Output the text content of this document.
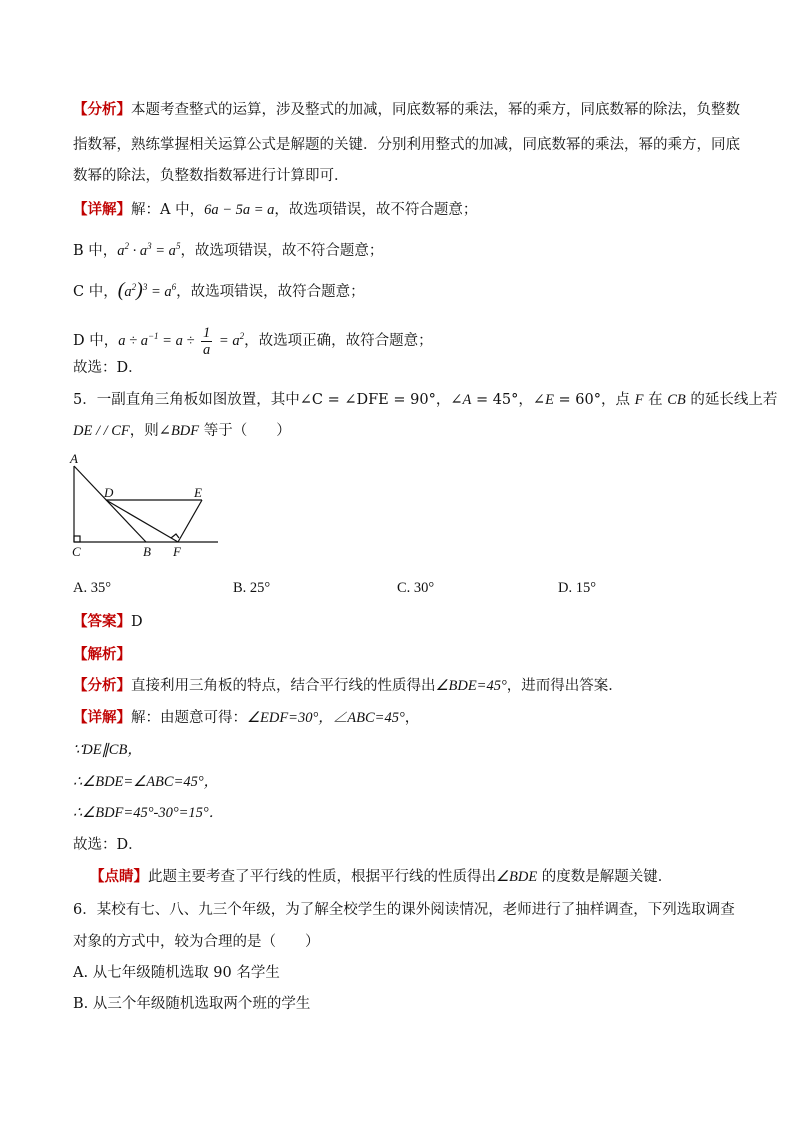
【分析】本题考查整式的运算，涉及整式的加减，同底数幂的乘法，幂的乘方，同底数幂的除法，负整数
指数幂，熟练掌握相关运算公式是解题的关键．分别利用整式的加减，同底数幂的乘法，幂的乘方，同底
数幂的除法，负整数指数幂进行计算即可．
【详解】解：A 中，6a − 5a = a，故选项错误，故不符合题意；
B 中，$a^2 \cdot a^3 = a^5$，故选项错误，故不符合题意；
C 中，$(a^2)^3 = a^6$，故选项错误，故符合题意；
D 中，$a \div a^{-1} = a \div \frac{1}{a} = a^2$，故选项正确，故符合题意；
故选：D．
5．一副直角三角板如图放置，其中∠C = ∠DFE = 90°，∠A = 45°，∠E = 60°，点 F 在 CB 的延长线上若
DE / / CF，则∠BDF 等于（　　）
A
C	B
D	E
F
A. 35°	B. 25°	C. 30°	D. 15°
【答案】D
【解析】
【分析】直接利用三角板的特点，结合平行线的性质得出∠BDE=45°，进而得出答案．
【详解】解：由题意可得：∠EDF=30°，∠ABC=45°，
∵DE∥CB，
∴∠BDE=∠ABC=45°，
∴∠BDF=45°-30°=15°．
故选：D．
【点睛】此题主要考查了平行线的性质，根据平行线的性质得出∠BDE 的度数是解题关键．
6．某校有七、八、九三个年级，为了解全校学生的课外阅读情况，老师进行了抽样调查，下列选取调查
对象的方式中，较为合理的是（　　）
A. 从七年级随机选取 90 名学生
B. 从三个年级随机选取两个班的学生
